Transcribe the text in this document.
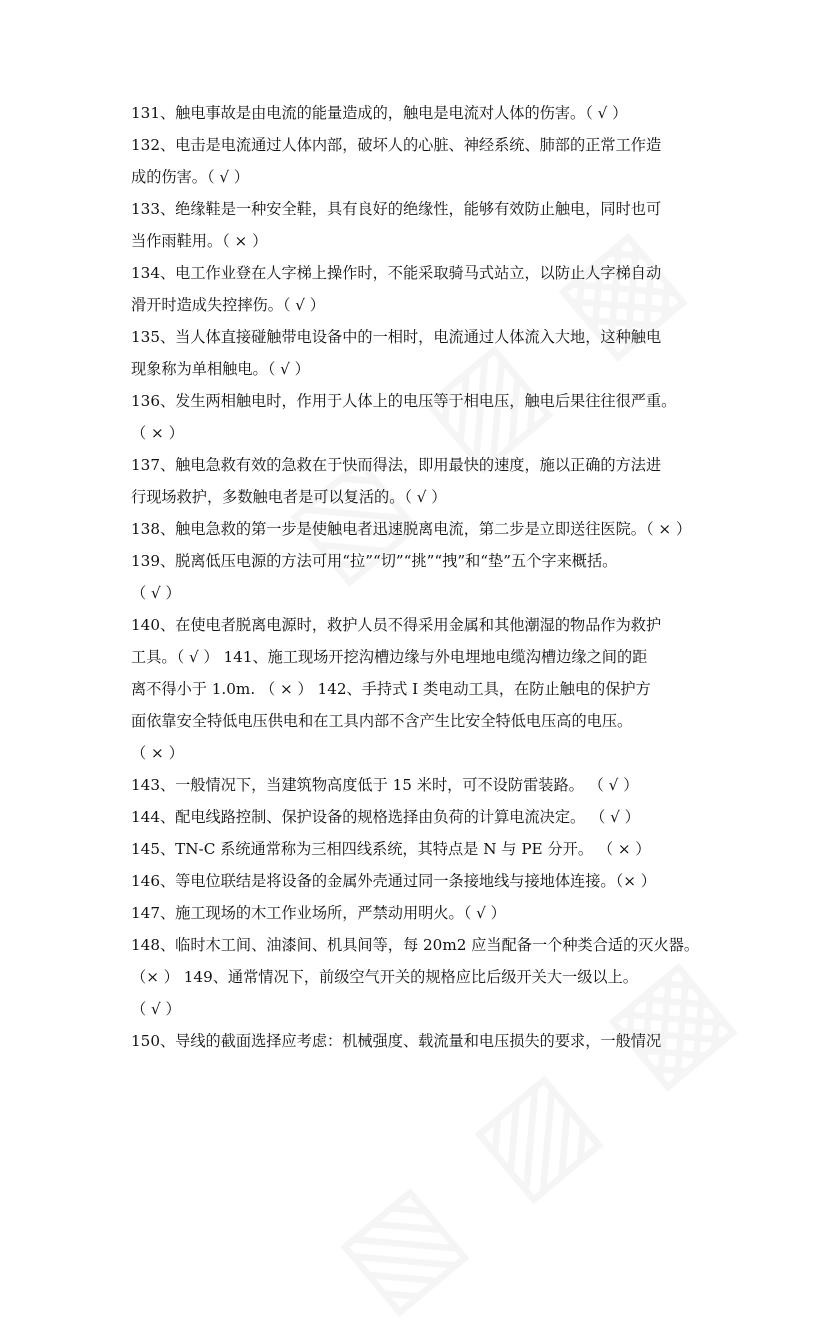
131、触电事故是由电流的能量造成的，触电是电流对人体的伤害。（ √ ）
132、电击是电流通过人体内部，破坏人的心脏、神经系统、肺部的正常工作造
成的伤害。（ √ ）
133、绝缘鞋是一种安全鞋，具有良好的绝缘性，能够有效防止触电，同时也可
当作雨鞋用。（ × ）
134、电工作业登在人字梯上操作时，不能采取骑马式站立，以防止人字梯自动
滑开时造成失控摔伤。（ √ ）
135、当人体直接碰触带电设备中的一相时，电流通过人体流入大地，这种触电
现象称为单相触电。（ √ ）
136、发生两相触电时，作用于人体上的电压等于相电压，触电后果往往很严重。
（ × ）
137、触电急救有效的急救在于快而得法，即用最快的速度，施以正确的方法进
行现场救护，多数触电者是可以复活的。（ √ ）
138、触电急救的第一步是使触电者迅速脱离电流，第二步是立即送往医院。（ × ）
139、脱离低压电源的方法可用“拉”“切”“挑”“拽”和“垫”五个字来概括。
（ √ ）
140、在使电者脱离电源时，救护人员不得采用金属和其他潮湿的物品作为救护
工具。（ √ ） 141、施工现场开挖沟槽边缘与外电埋地电缆沟槽边缘之间的距
离不得小于 1.0m. （ × ） 142、手持式 I 类电动工具，在防止触电的保护方
面依靠安全特低电压供电和在工具内部不含产生比安全特低电压高的电压。
（ × ）
143、一般情况下，当建筑物高度低于 15 米时，可不设防雷装路。 （ √ ）
144、配电线路控制、保护设备的规格选择由负荷的计算电流决定。 （ √ ）
145、TN-C 系统通常称为三相四线系统，其特点是 N 与 PE 分开。 （ × ）
146、等电位联结是将设备的金属外壳通过同一条接地线与接地体连接。（× ）
147、施工现场的木工作业场所，严禁动用明火。（ √ ）
148、临时木工间、油漆间、机具间等，每 20m2 应当配备一个种类合适的灭火器。
（× ） 149、通常情况下，前级空气开关的规格应比后级开关大一级以上。
（ √ ）
150、导线的截面选择应考虑：机械强度、载流量和电压损失的要求，一般情况
